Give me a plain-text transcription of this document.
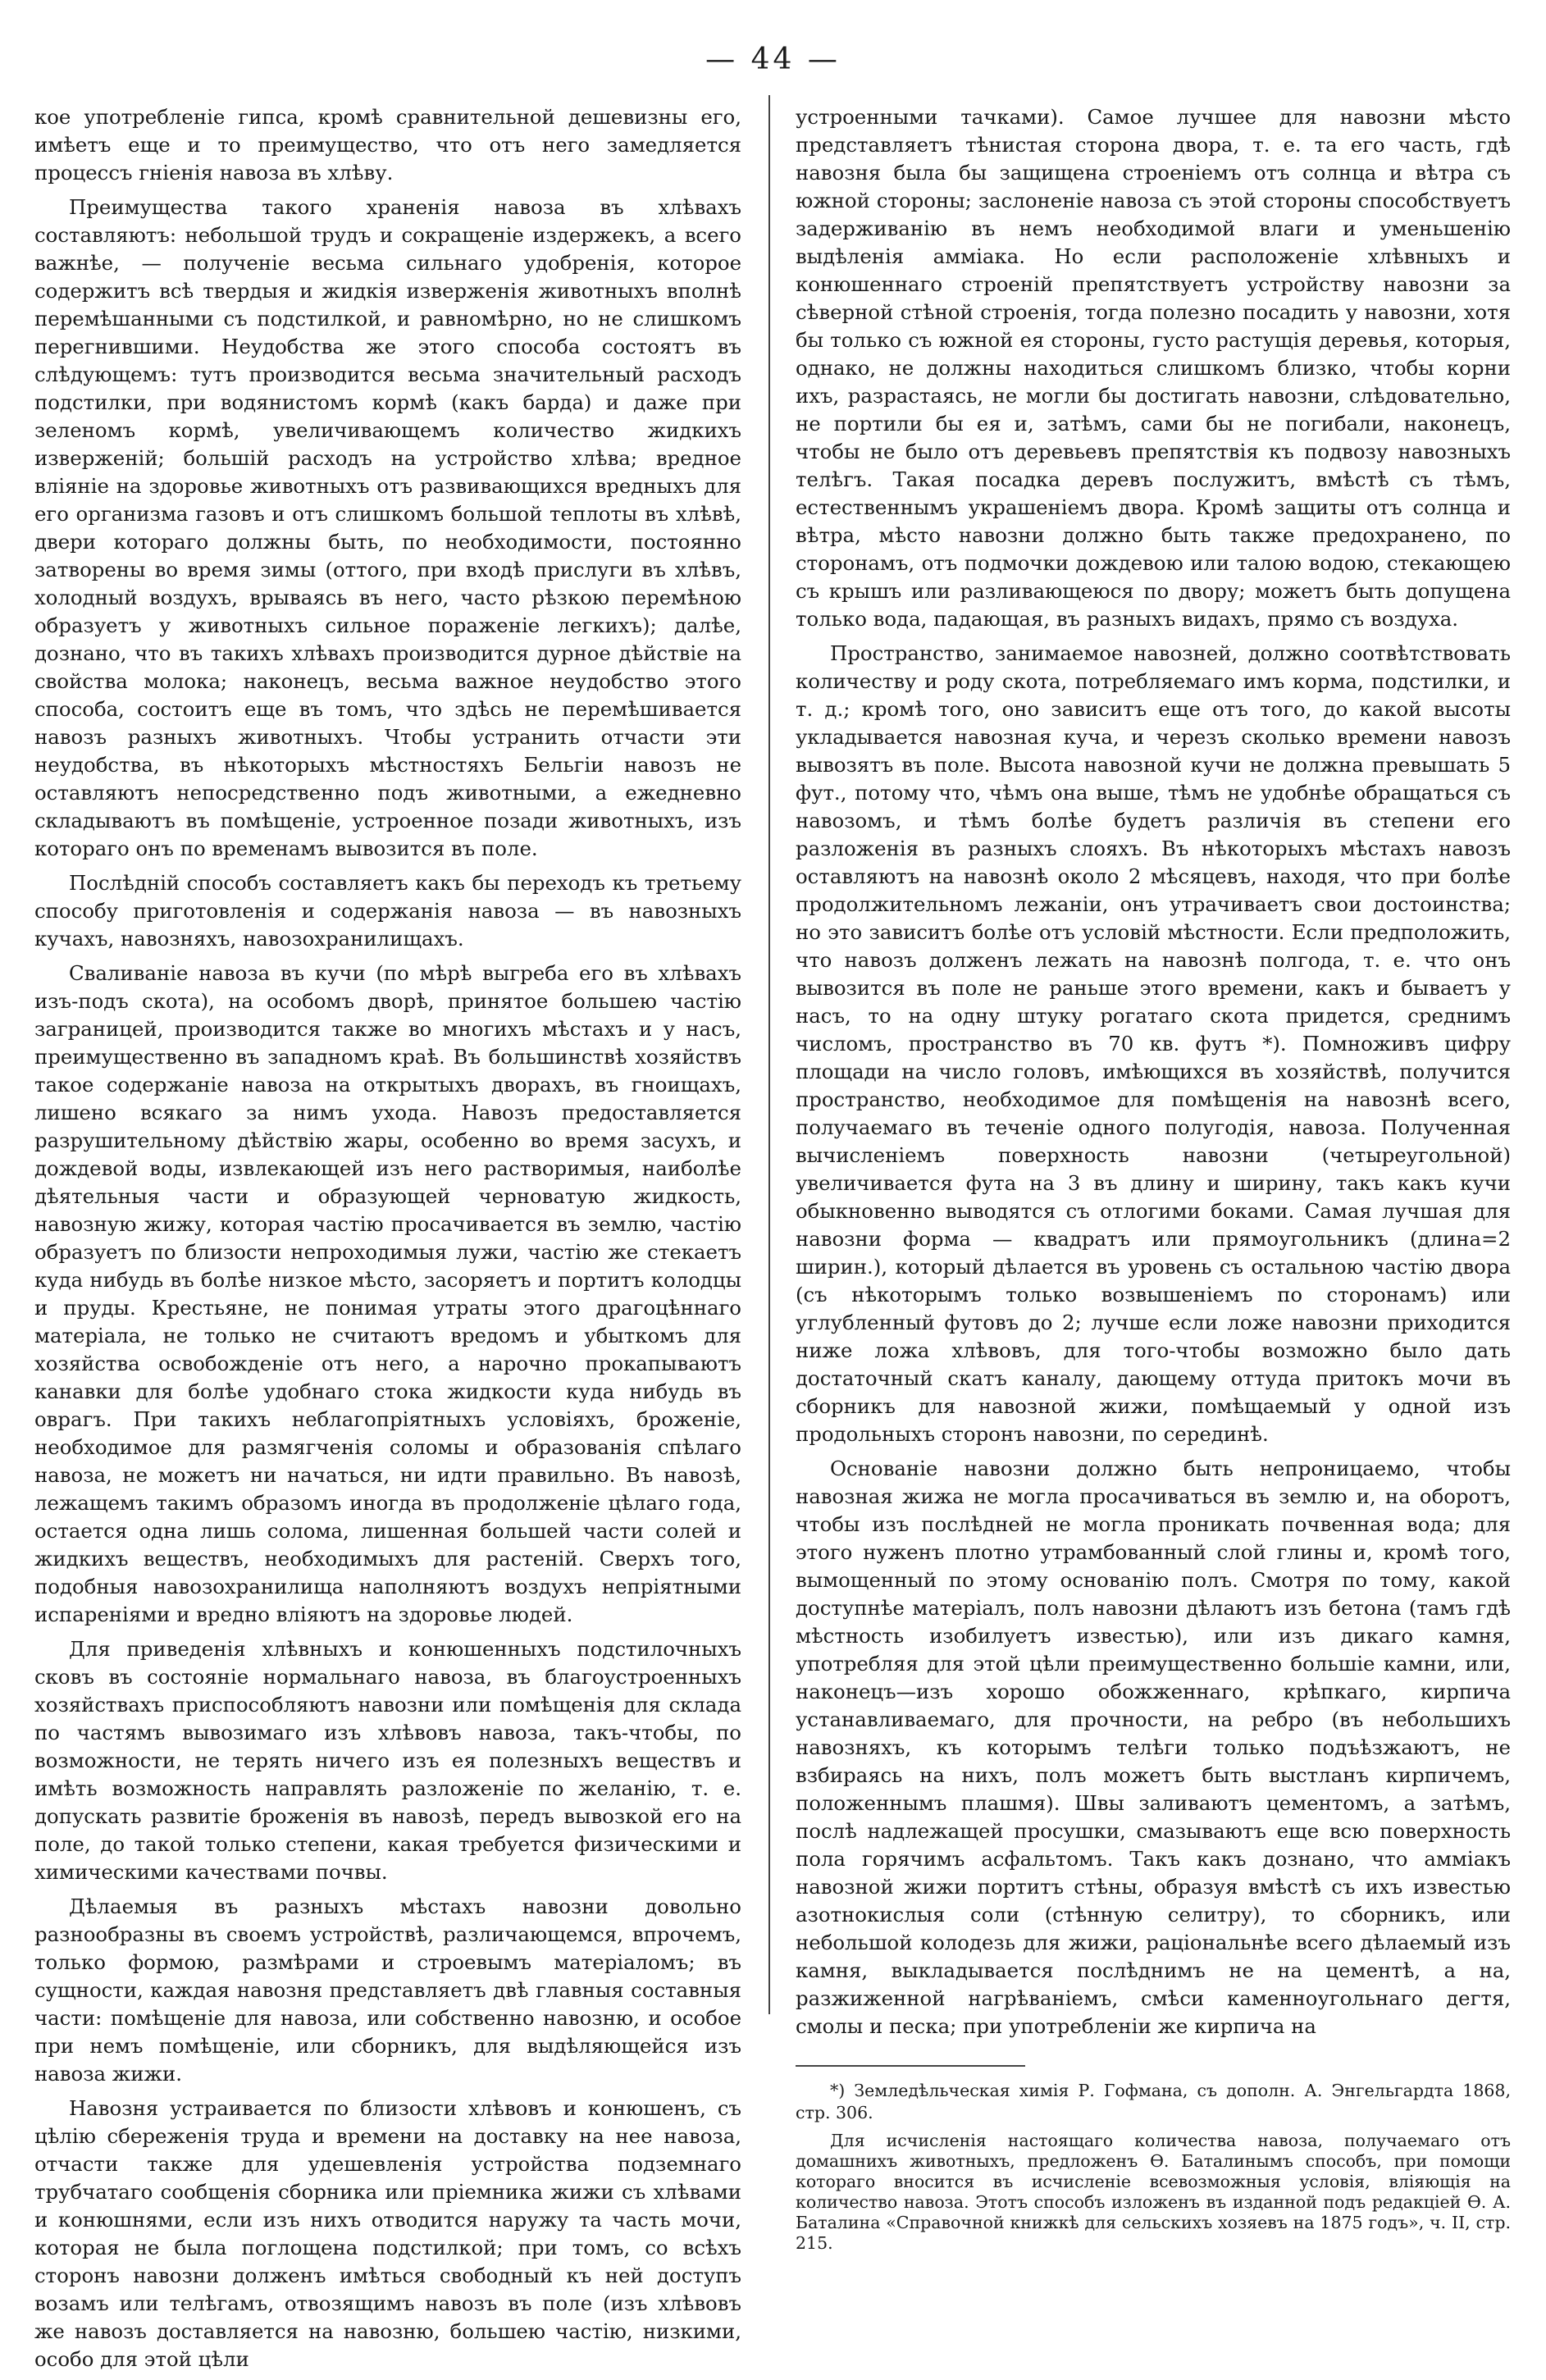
— 44 —

кое употребленіе гипса, кромѣ сравнительной дешевизны его, имѣетъ еще и то преимущество, что отъ него замедляется процессъ гніенія навоза въ хлѣву.

Преимущества такого храненія навоза въ хлѣвахъ составляютъ: небольшой трудъ и сокращеніе издержекъ, а всего важнѣе, — полученіе весьма сильнаго удобренія, которое содержитъ всѣ твердыя и жидкія изверженія животныхъ вполнѣ перемѣшанными съ подстилкой, и равномѣрно, но не слишкомъ перегнившими. Неудобства же этого способа состоятъ въ слѣдующемъ: тутъ производится весьма значительный расходъ подстилки, при водянистомъ кормѣ (какъ барда) и даже при зеленомъ кормѣ, увеличивающемъ количество жидкихъ изверженій; большій расходъ на устройство хлѣва; вредное вліяніе на здоровье животныхъ отъ развивающихся вредныхъ для его организма газовъ и отъ слишкомъ большой теплоты въ хлѣвѣ, двери котораго должны быть, по необходимости, постоянно затворены во время зимы (оттого, при входѣ прислуги въ хлѣвъ, холодный воздухъ, врываясь въ него, часто рѣзкою перемѣною образуетъ у животныхъ сильное пораженіе легкихъ); далѣе, дознано, что въ такихъ хлѣвахъ производится дурное дѣйствіе на свойства молока; наконецъ, весьма важное неудобство этого способа, состоитъ еще въ томъ, что здѣсь не перемѣшивается навозъ разныхъ животныхъ. Чтобы устранить отчасти эти неудобства, въ нѣкоторыхъ мѣстностяхъ Бельгіи навозъ не оставляютъ непосредственно подъ животными, а ежедневно складываютъ въ помѣщеніе, устроенное позади животныхъ, изъ котораго онъ по временамъ вывозится въ поле.

Послѣдній способъ составляетъ какъ бы переходъ къ третьему способу приготовленія и содержанія навоза — въ навозныхъ кучахъ, навозняхъ, навозохранилищахъ.

Сваливаніе навоза въ кучи (по мѣрѣ выгреба его въ хлѣвахъ изъ-подъ скота), на особомъ дворѣ, принятое большею частію заграницей, производится также во многихъ мѣстахъ и у насъ, преимущественно въ западномъ краѣ. Въ большинствѣ хозяйствъ такое содержаніе навоза на открытыхъ дворахъ, въ гноищахъ, лишено всякаго за нимъ ухода. Навозъ предоставляется разрушительному дѣйствію жары, особенно во время засухъ, и дождевой воды, извлекающей изъ него растворимыя, наиболѣе дѣятельныя части и образующей черноватую жидкость, навозную жижу, которая частію просачивается въ землю, частію образуетъ по близости непроходимыя лужи, частію же стекаетъ куда нибудь въ болѣе низкое мѣсто, засоряетъ и портитъ колодцы и пруды. Крестьяне, не понимая утраты этого драгоцѣннаго матеріала, не только не считаютъ вредомъ и убыткомъ для хозяйства освобожденіе отъ него, а нарочно прокапываютъ канавки для болѣе удобнаго стока жидкости куда нибудь въ оврагъ. При такихъ неблагопріятныхъ условіяхъ, броженіе, необходимое для размягченія соломы и образованія спѣлаго навоза, не можетъ ни начаться, ни идти правильно. Въ навозѣ, лежащемъ такимъ образомъ иногда въ продолженіе цѣлаго года, остается одна лишь солома, лишенная большей части солей и жидкихъ веществъ, необходимыхъ для растеній. Сверхъ того, подобныя навозохранилища наполняютъ воздухъ непріятными испареніями и вредно вліяютъ на здоровье людей.

Для приведенія хлѣвныхъ и конюшенныхъ подстилочныхъ сковъ въ состояніе нормальнаго навоза, въ благоустроенныхъ хозяйствахъ приспособляютъ навозни или помѣщенія для склада по частямъ вывозимаго изъ хлѣвовъ навоза, такъ-чтобы, по возможности, не терять ничего изъ ея полезныхъ веществъ и имѣть возможность направлять разложеніе по желанію, т. е. допускать развитіе броженія въ навозѣ, передъ вывозкой его на поле, до такой только степени, какая требуется физическими и химическими качествами почвы.

Дѣлаемыя въ разныхъ мѣстахъ навозни довольно разнообразны въ своемъ устройствѣ, различающемся, впрочемъ, только формою, размѣрами и строевымъ матеріаломъ; въ сущности, каждая навозня представляетъ двѣ главныя составныя части: помѣщеніе для навоза, или собственно навозню, и особое при немъ помѣщеніе, или сборникъ, для выдѣляющейся изъ навоза жижи.

Навозня устраивается по близости хлѣвовъ и конюшенъ, съ цѣлію сбереженія труда и времени на доставку на нее навоза, отчасти также для удешевленія устройства подземнаго трубчатаго сообщенія сборника или пріемника жижи съ хлѣвами и конюшнями, если изъ нихъ отводится наружу та часть мочи, которая не была поглощена подстилкой; при томъ, со всѣхъ сторонъ навозни долженъ имѣться свободный къ ней доступъ возамъ или телѣгамъ, отвозящимъ навозъ въ поле (изъ хлѣвовъ же навозъ доставляется на навозню, большею частію, низкими, особо для этой цѣли

устроенными тачками). Самое лучшее для навозни мѣсто представляетъ тѣнистая сторона двора, т. е. та его часть, гдѣ навозня была бы защищена строеніемъ отъ солнца и вѣтра съ южной стороны; заслоненіе навоза съ этой стороны способствуетъ задерживанію въ немъ необходимой влаги и уменьшенію выдѣленія амміака. Но если расположеніе хлѣвныхъ и конюшеннаго строеній препятствуетъ устройству навозни за сѣверной стѣной строенія, тогда полезно посадить у навозни, хотя бы только съ южной ея стороны, густо растущія деревья, которыя, однако, не должны находиться слишкомъ близко, чтобы корни ихъ, разрастаясь, не могли бы достигать навозни, слѣдовательно, не портили бы ея и, затѣмъ, сами бы не погибали, наконецъ, чтобы не было отъ деревьевъ препятствія къ подвозу навозныхъ телѣгъ. Такая посадка деревъ послужитъ, вмѣстѣ съ тѣмъ, естественнымъ украшеніемъ двора. Кромѣ защиты отъ солнца и вѣтра, мѣсто навозни должно быть также предохранено, по сторонамъ, отъ подмочки дождевою или талою водою, стекающею съ крышъ или разливающеюся по двору; можетъ быть допущена только вода, падающая, въ разныхъ видахъ, прямо съ воздуха.

Пространство, занимаемое навозней, должно соотвѣтствовать количеству и роду скота, потребляемаго имъ корма, подстилки, и т. д.; кромѣ того, оно зависитъ еще отъ того, до какой высоты укладывается навозная куча, и черезъ сколько времени навозъ вывозятъ въ поле. Высота навозной кучи не должна превышать 5 фут., потому что, чѣмъ она выше, тѣмъ не удобнѣе обращаться съ навозомъ, и тѣмъ болѣе будетъ различія въ степени его разложенія въ разныхъ слояхъ. Въ нѣкоторыхъ мѣстахъ навозъ оставляютъ на навознѣ около 2 мѣсяцевъ, находя, что при болѣе продолжительномъ лежаніи, онъ утрачиваетъ свои достоинства; но это зависитъ болѣе отъ условій мѣстности. Если предположить, что навозъ долженъ лежать на навознѣ полгода, т. е. что онъ вывозится въ поле не раньше этого времени, какъ и бываетъ у насъ, то на одну штуку рогатаго скота придется, среднимъ числомъ, пространство въ 70 кв. футъ *). Помноживъ цифру площади на число головъ, имѣющихся въ хозяйствѣ, получится пространство, необходимое для помѣщенія на навознѣ всего, получаемаго въ теченіе одного полугодія, навоза. Полученная вычисленіемъ поверхность навозни (четыреугольной) увеличивается фута на 3 въ длину и ширину, такъ какъ кучи обыкновенно выводятся съ отлогими боками. Самая лучшая для навозни форма — квадратъ или прямоугольникъ (длина=2 ширин.), который дѣлается въ уровень съ остальною частію двора (съ нѣкоторымъ только возвышеніемъ по сторонамъ) или углубленный футовъ до 2; лучше если ложе навозни приходится ниже ложа хлѣвовъ, для того-чтобы возможно было дать достаточный скатъ каналу, дающему оттуда притокъ мочи въ сборникъ для навозной жижи, помѣщаемый у одной изъ продольныхъ сторонъ навозни, по серединѣ.

Основаніе навозни должно быть непроницаемо, чтобы навозная жижа не могла просачиваться въ землю и, на оборотъ, чтобы изъ послѣдней не могла проникать почвенная вода; для этого нуженъ плотно утрамбованный слой глины и, кромѣ того, вымощенный по этому основанію полъ. Смотря по тому, какой доступнѣе матеріалъ, полъ навозни дѣлаютъ изъ бетона (тамъ гдѣ мѣстность изобилуетъ известью), или изъ дикаго камня, употребляя для этой цѣли преимущественно большіе камни, или, наконецъ—изъ хорошо обожженнаго, крѣпкаго, кирпича устанавливаемаго, для прочности, на ребро (въ небольшихъ навозняхъ, къ которымъ телѣги только подъѣзжаютъ, не взбираясь на нихъ, полъ можетъ быть выстланъ кирпичемъ, положеннымъ плашмя). Швы заливаютъ цементомъ, а затѣмъ, послѣ надлежащей просушки, смазываютъ еще всю поверхность пола горячимъ асфальтомъ. Такъ какъ дознано, что амміакъ навозной жижи портитъ стѣны, образуя вмѣстѣ съ ихъ известью азотнокислыя соли (стѣнную селитру), то сборникъ, или небольшой колодезь для жижи, раціональнѣе всего дѣлаемый изъ камня, выкладывается послѣднимъ не на цементѣ, а на, разжиженной нагрѣваніемъ, смѣси каменноугольнаго дегтя, смолы и песка; при употребленіи же кирпича на

*) Земледѣльческая химія Р. Гофмана, съ дополн. А. Энгельгардта 1868, стр. 306.

Для исчисленія настоящаго количества навоза, получаемаго отъ домашнихъ животныхъ, предложенъ Ѳ. Баталинымъ способъ, при помощи котораго вносится въ исчисленіе всевозможныя условія, вліяющія на количество навоза. Этотъ способъ изложенъ въ изданной подъ редакціей Ѳ. А. Баталина «Справочной книжкѣ для сельскихъ хозяевъ на 1875 годъ», ч. II, стр. 215.
